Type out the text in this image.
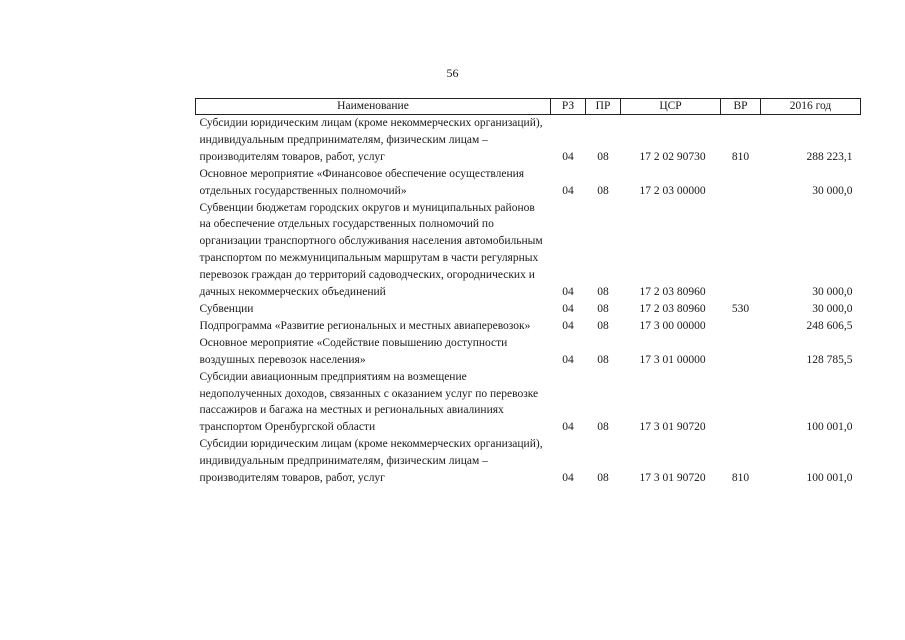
56
Наименование	РЗ	ПР	ЦСР	ВР	2016 год
Субсидии юридическим лицам (кроме некоммерческих организаций), индивидуальным предпринимателям, физическим лицам – производителям товаров, работ, услуг	04	08	17 2 02 90730	810	288 223,1
Основное мероприятие «Финансовое обеспечение осуществления отдельных государственных полномочий»	04	08	17 2 03 00000		30 000,0
Субвенции бюджетам городских округов и муниципальных районов на обеспечение отдельных государственных полномочий по организации транспортного обслуживания населения автомобильным транспортом по межмуниципальным маршрутам в части регулярных перевозок граждан до территорий садоводческих, огороднических и дачных некоммерческих объединений	04	08	17 2 03 80960		30 000,0
Субвенции	04	08	17 2 03 80960	530	30 000,0
Подпрограмма «Развитие региональных и местных авиаперевозок»	04	08	17 3 00 00000		248 606,5
Основное мероприятие «Содействие повышению доступности воздушных перевозок населения»	04	08	17 3 01 00000		128 785,5
Субсидии авиационным предприятиям на возмещение недополученных доходов, связанных с оказанием услуг по перевозке пассажиров и багажа на местных и региональных авиалиниях транспортом Оренбургской области	04	08	17 3 01 90720		100 001,0
Субсидии юридическим лицам (кроме некоммерческих организаций), индивидуальным предпринимателям, физическим лицам – производителям товаров, работ, услуг	04	08	17 3 01 90720	810	100 001,0
